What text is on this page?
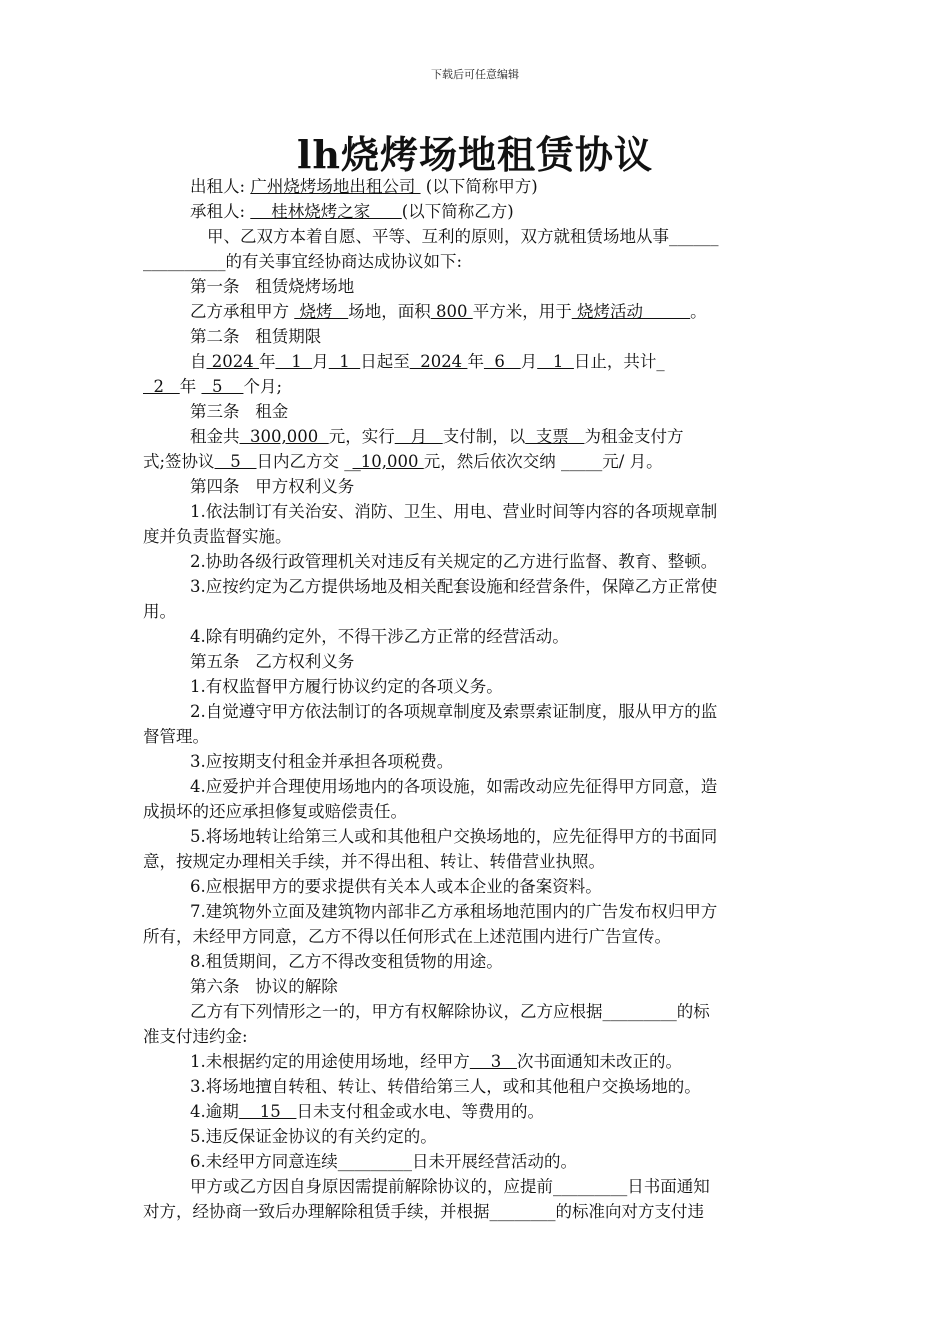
下载后可任意编辑
lh烧烤场地租赁协议
出租人: 广州烧烤场地出租公司  (以下简称甲方)
承租人:     桂林烧烤之家      (以下简称乙方)
甲、乙双方本着自愿、平等、互利的原则，双方就租赁场地从事______
__________的有关事宜经协商达成协议如下:
第一条   租赁烧烤场地
乙方承租甲方  烧烤   场地，面积 800 平方米，用于 烧烤活动         。
第二条   租赁期限
自 2024 年   1  月  1  日起至  2024 年  6   月   1  日止，共计_
2   年   5    个月;
第三条   租金
租金共  300,000  元，实行   月   支付制，以  支票   为租金支付方
式;签协议   5   日内乙方交 __10,000 元，然后依次交纳 _____元/ 月。
第四条   甲方权利义务
1.依法制订有关治安、消防、卫生、用电、营业时间等内容的各项规章制
度并负责监督实施。
2.协助各级行政管理机关对违反有关规定的乙方进行监督、教育、整顿。
3.应按约定为乙方提供场地及相关配套设施和经营条件，保障乙方正常使
用。
4.除有明确约定外，不得干涉乙方正常的经营活动。
第五条   乙方权利义务
1.有权监督甲方履行协议约定的各项义务。
2.自觉遵守甲方依法制订的各项规章制度及索票索证制度，服从甲方的监
督管理。
3.应按期支付租金并承担各项税费。
4.应爱护并合理使用场地内的各项设施，如需改动应先征得甲方同意，造
成损坏的还应承担修复或赔偿责任。
5.将场地转让给第三人或和其他租户交换场地的，应先征得甲方的书面同
意，按规定办理相关手续，并不得出租、转让、转借营业执照。
6.应根据甲方的要求提供有关本人或本企业的备案资料。
7.建筑物外立面及建筑物内部非乙方承租场地范围内的广告发布权归甲方
所有，未经甲方同意，乙方不得以任何形式在上述范围内进行广告宣传。
8.租赁期间，乙方不得改变租赁物的用途。
第六条   协议的解除
乙方有下列情形之一的，甲方有权解除协议，乙方应根据_________的标
准支付违约金:
1.未根据约定的用途使用场地，经甲方    3   次书面通知未改正的。
3.将场地擅自转租、转让、转借给第三人，或和其他租户交换场地的。
4.逾期    15   日未支付租金或水电、等费用的。
5.违反保证金协议的有关约定的。
6.未经甲方同意连续_________日未开展经营活动的。
甲方或乙方因自身原因需提前解除协议的，应提前_________日书面通知
对方，经协商一致后办理解除租赁手续，并根据________的标准向对方支付违
